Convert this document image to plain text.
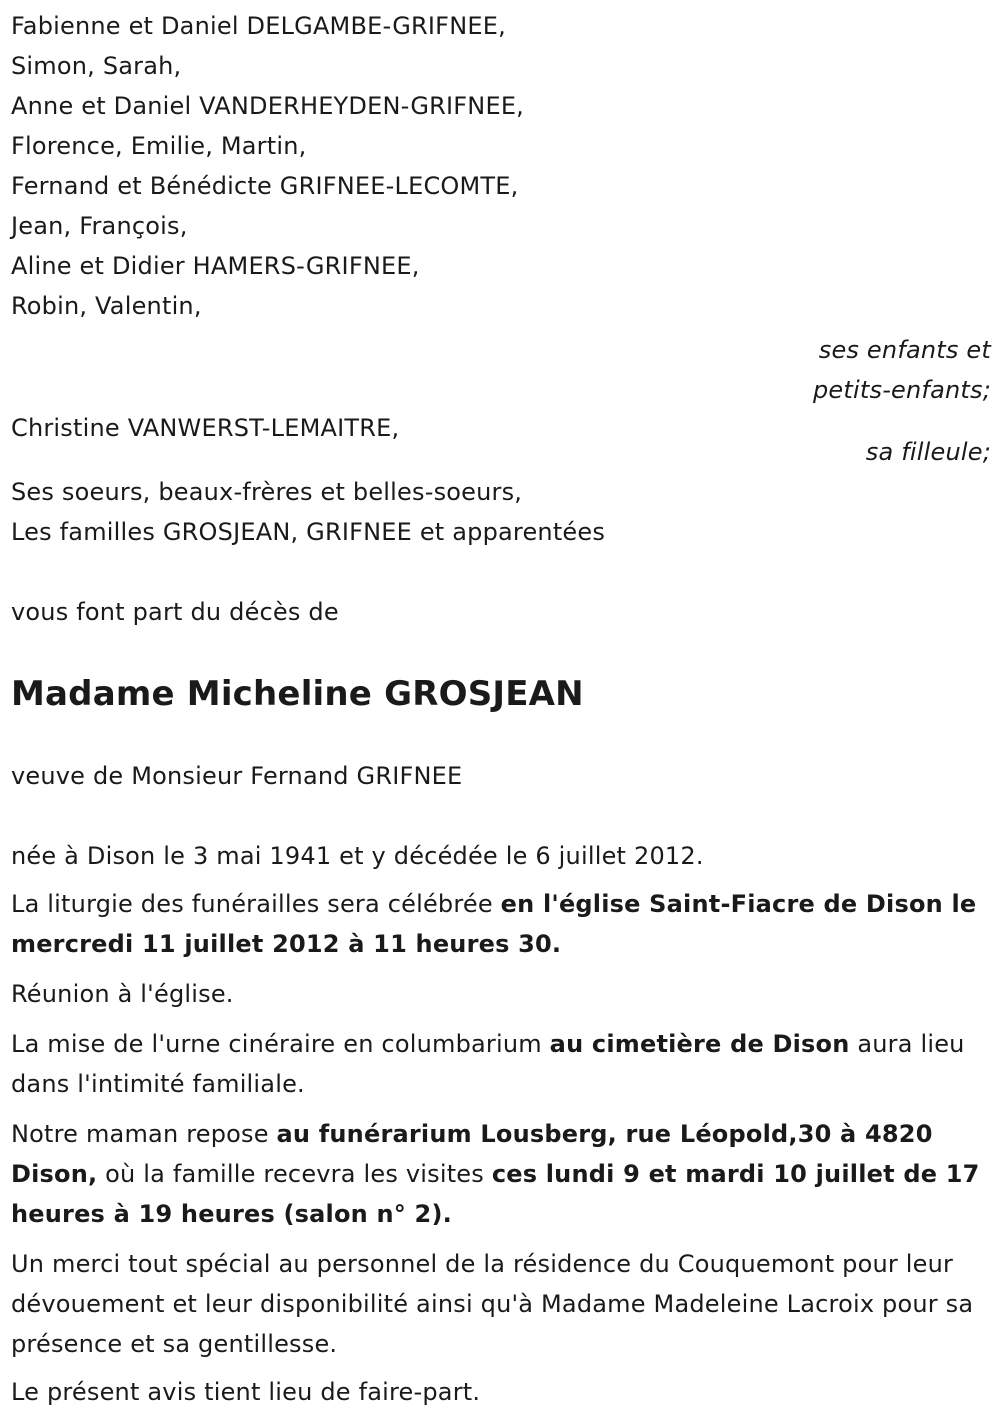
Fabienne et Daniel DELGAMBE-GRIFNEE,
Simon, Sarah,
Anne et Daniel VANDERHEYDEN-GRIFNEE,
Florence, Emilie, Martin,
Fernand et Bénédicte GRIFNEE-LECOMTE,
Jean, François,
Aline et Didier HAMERS-GRIFNEE,
Robin, Valentin,
ses enfants et
petits-enfants;
Christine VANWERST-LEMAITRE,
sa filleule;
Ses soeurs, beaux-frères et belles-soeurs,
Les familles GROSJEAN, GRIFNEE et apparentées
vous font part du décès de
Madame Micheline GROSJEAN
veuve de Monsieur Fernand GRIFNEE
née à Dison le 3 mai 1941 et y décédée le 6 juillet 2012.

La liturgie des funérailles sera célébrée en l'église Saint-Fiacre de Dison le mercredi 11 juillet 2012 à 11 heures 30.

Réunion à l'église.

La mise de l'urne cinéraire en columbarium au cimetière de Dison aura lieu dans l'intimité familiale.

Notre maman repose au funérarium Lousberg, rue Léopold,30 à 4820 Dison, où la famille recevra les visites ces lundi 9 et mardi 10 juillet de 17 heures à 19 heures (salon n° 2).

Un merci tout spécial au personnel de la résidence du Couquemont pour leur dévouement et leur disponibilité ainsi qu'à Madame Madeleine Lacroix pour sa présence et sa gentillesse.

Le présent avis tient lieu de faire-part.
